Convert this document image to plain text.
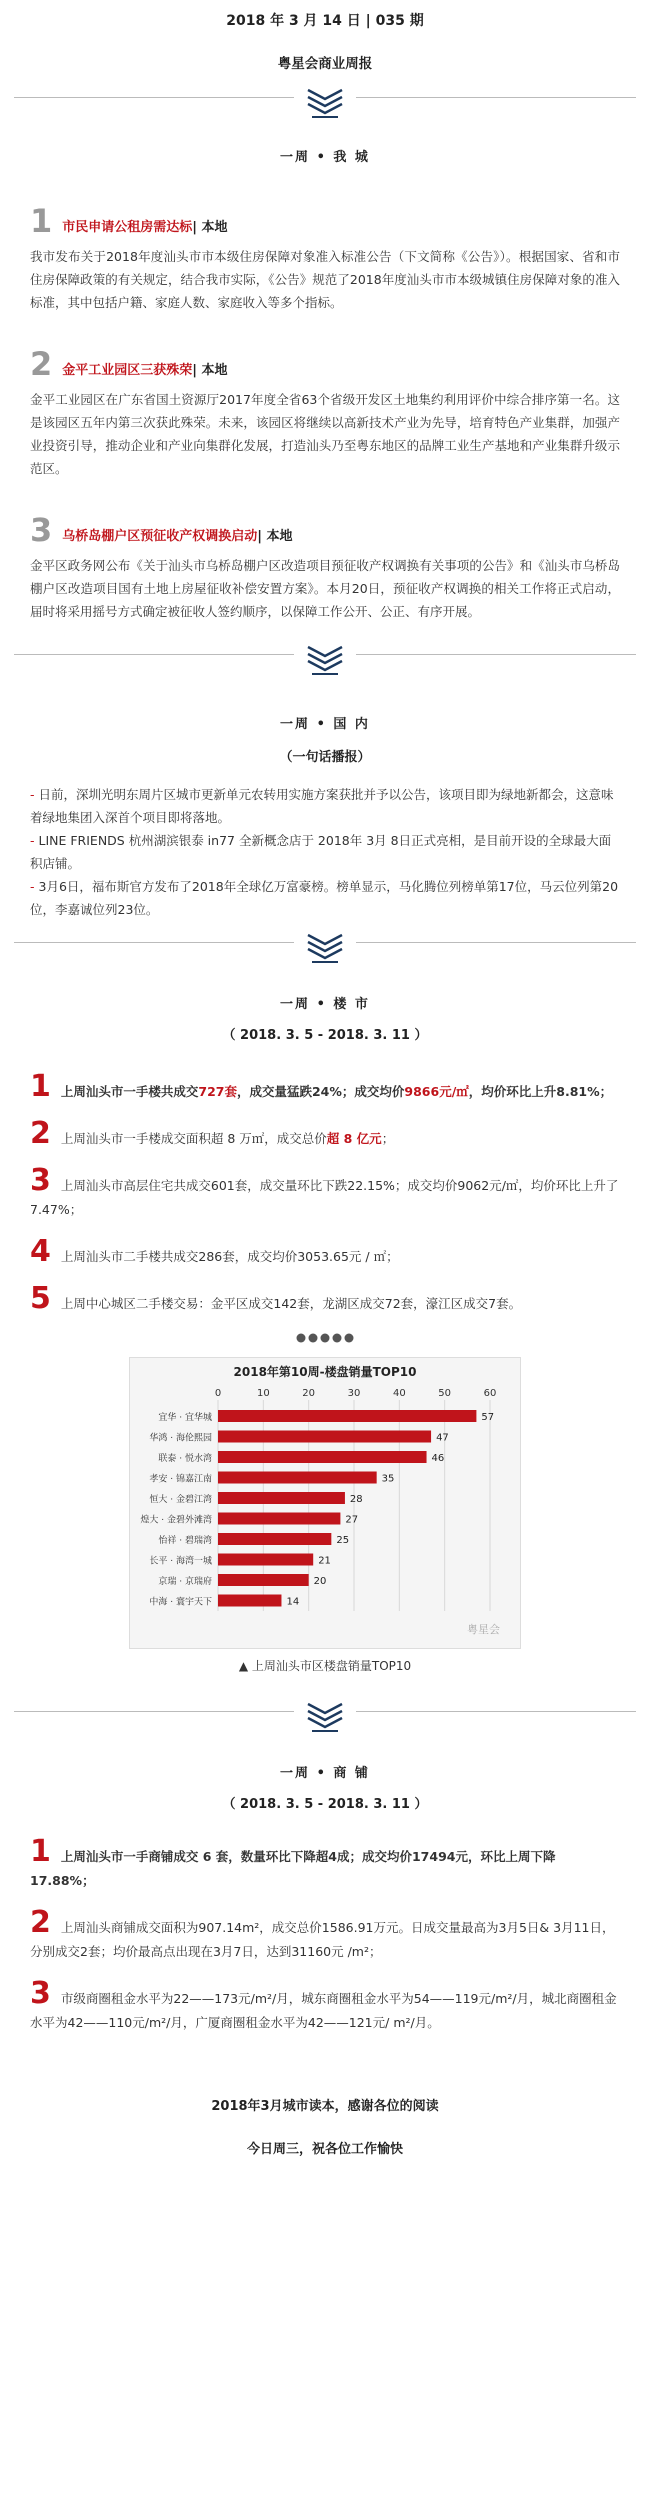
2018 年 3 月 14 日 | 035 期
粤星会商业周报
一周 • 我 城
1 市民申请公租房需达标 | 本地
我市发布关于2018年度汕头市市本级住房保障对象准入标准公告（下文简称《公告》）。根据国家、省和市住房保障政策的有关规定，结合我市实际，《公告》规范了2018年度汕头市市本级城镇住房保障对象的准入标准，其中包括户籍、家庭人数、家庭收入等多个指标。
2 金平工业园区三获殊荣 | 本地
金平工业园区在广东省国土资源厅2017年度全省63个省级开发区土地集约利用评价中综合排序第一名。这是该园区五年内第三次获此殊荣。未来，该园区将继续以高新技术产业为先导，培育特色产业集群，加强产业投资引导，推动企业和产业向集群化发展，打造汕头乃至粤东地区的品牌工业生产基地和产业集群升级示范区。
3 乌桥岛棚户区预征收产权调换启动 | 本地
金平区政务网公布《关于汕头市乌桥岛棚户区改造项目预征收产权调换有关事项的公告》和《汕头市乌桥岛棚户区改造项目国有土地上房屋征收补偿安置方案》。本月20日，预征收产权调换的相关工作将正式启动，届时将采用摇号方式确定被征收人签约顺序，以保障工作公开、公正、有序开展。
一周 • 国 内
（一句话播报）

- 日前，深圳光明东周片区城市更新单元农转用实施方案获批并予以公告，该项目即为绿地新都会，这意味着绿地集团入深首个项目即将落地。

- LINE FRIENDS 杭州湖滨银泰 in77 全新概念店于 2018年 3月 8日正式亮相，是目前开设的全球最大面积店铺。

- 3月6日，福布斯官方发布了2018年全球亿万富豪榜。榜单显示，马化腾位列榜单第17位，马云位列第20位，李嘉诚位列23位。

一周 • 楼 市
（ 2018. 3. 5 - 2018. 3. 11 ）
1 上周汕头市一手楼共成交727套，成交量猛跌24%；成交均价9866元/㎡，均价环比上升8.81%；
2 上周汕头市一手楼成交面积超 8 万㎡，成交总价超 8 亿元；
3 上周汕头市高层住宅共成交601套，成交量环比下跌22.15%；成交均价9062元/㎡，均价环比上升了7.47%；
4 上周汕头市二手楼共成交286套，成交均价3053.65元 / ㎡；
5 上周中心城区二手楼交易：金平区成交142套，龙湖区成交72套，濠江区成交7套。
2018年第10周-楼盘销量TOP10
0	10	20	30	40	50	60
宜华 · 宜华城	57
华鸿 · 海伦熙园	47
联泰 · 悦水湾	46
孝安 · 锦嘉江南	35
恒大 · 金碧江湾	28
煌大 · 金碧外滩湾	27
怡祥 · 碧瑞湾	25
长平 · 海湾一城	21
京瑞 · 京瑞府	20
中海 · 寰宇天下	14
粤星会
▲ 上周汕头市区楼盘销量TOP10
一周 • 商 铺
（ 2018. 3. 5 - 2018. 3. 11 ）
1 上周汕头市一手商铺成交 6 套，数量环比下降超4成；成交均价17494元，环比上周下降17.88%；
2 上周汕头商铺成交面积为907.14m²，成交总价1586.91万元。日成交量最高为3月5日& 3月11日，分别成交2套；均价最高点出现在3月7日，达到31160元 /m²；
3 市级商圈租金水平为22——173元/m²/月，城东商圈租金水平为54——119元/m²/月，城北商圈租金水平为42——110元/m²/月，广厦商圈租金水平为42——121元/ m²/月。
2018年3月城市读本，感谢各位的阅读
今日周三，祝各位工作愉快
